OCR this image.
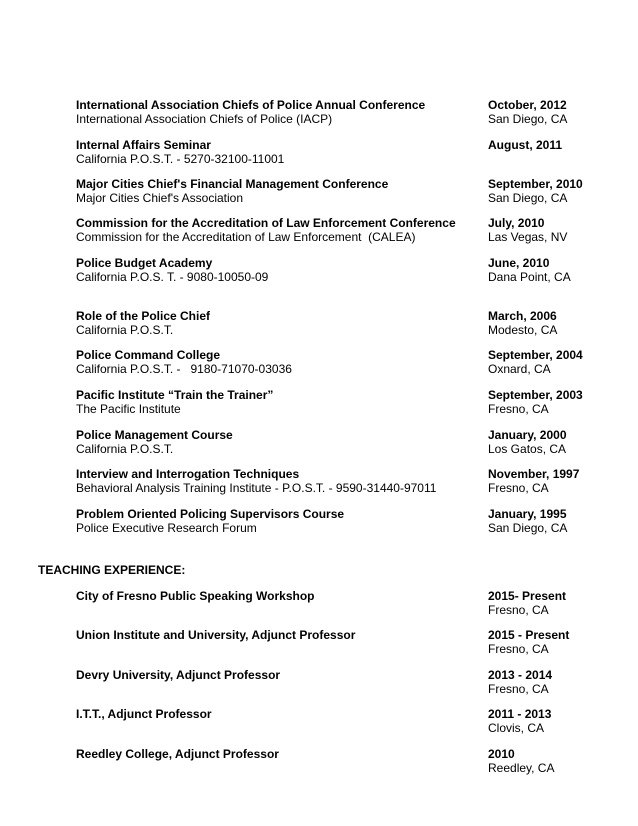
International Association Chiefs of Police Annual Conference	October, 2012
International Association Chiefs of Police (IACP)	San Diego, CA
Internal Affairs Seminar	August, 2011
California P.O.S.T. - 5270-32100-11001
Major Cities Chief's Financial Management Conference	September, 2010
Major Cities Chief's Association	San Diego, CA
Commission for the Accreditation of Law Enforcement Conference	July, 2010
Commission for the Accreditation of Law Enforcement  (CALEA)	Las Vegas, NV
Police Budget Academy	June, 2010
California P.O.S. T. - 9080-10050-09	Dana Point, CA
Role of the Police Chief	March, 2006
California P.O.S.T.	Modesto, CA
Police Command College	September, 2004
California P.O.S.T. -   9180-71070-03036	Oxnard, CA
Pacific Institute “Train the Trainer”	September, 2003
The Pacific Institute	Fresno, CA
Police Management Course	January, 2000
California P.O.S.T.	Los Gatos, CA
Interview and Interrogation Techniques	November, 1997
Behavioral Analysis Training Institute - P.O.S.T. - 9590-31440-97011	Fresno, CA
Problem Oriented Policing Supervisors Course	January, 1995
Police Executive Research Forum	San Diego, CA
TEACHING EXPERIENCE:
City of Fresno Public Speaking Workshop	2015- Present
Fresno, CA
Union Institute and University, Adjunct Professor	2015 - Present
Fresno, CA
Devry University, Adjunct Professor	2013 - 2014
Fresno, CA
I.T.T., Adjunct Professor	2011 - 2013
Clovis, CA
Reedley College, Adjunct Professor	2010
Reedley, CA
